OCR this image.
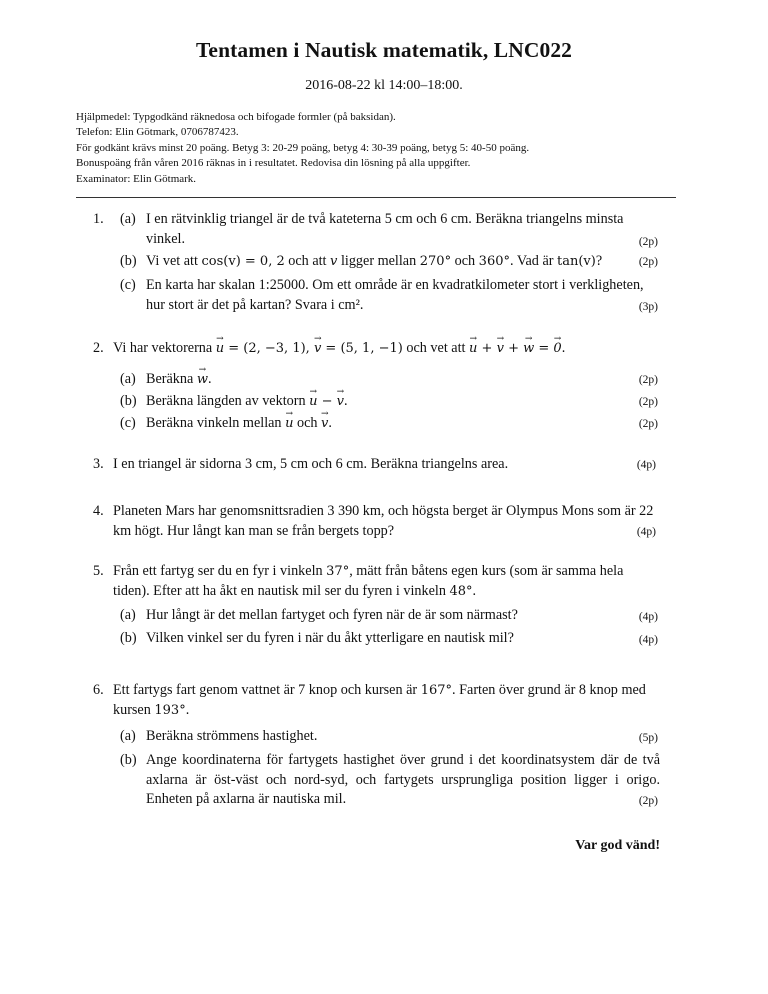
Tentamen i Nautisk matematik, LNC022
2016-08-22 kl 14:00–18:00.
Hjälpmedel: Typgodkänd räknedosa och bifogade formler (på baksidan).
Telefon: Elin Götmark, 0706787423.
För godkänt krävs minst 20 poäng. Betyg 3: 20-29 poäng, betyg 4: 30-39 poäng, betyg 5: 40-50 poäng.
Bonuspoäng från våren 2016 räknas in i resultatet. Redovisa din lösning på alla uppgifter.
Examinator: Elin Götmark.
1. (a) I en rätvinklig triangel är de två kateterna 5 cm och 6 cm. Beräkna triangelns minsta vinkel.	(2p)
(b) Vi vet att cos(v) = 0, 2 och att v ligger mellan 270° och 360°. Vad är tan(v)?	(2p)
(c) En karta har skalan 1:25000. Om ett område är en kvadratkilometer stort i verkligheten, hur stort är det på kartan? Svara i cm².	(3p)
2. Vi har vektorerna u → = (2, −3, 1), v → = (5, 1, −1) och vet att u → + v → + w → = 0 →.
(a) Beräkna w →.	(2p)
(b) Beräkna längden av vektorn u → − v →.	(2p)
(c) Beräkna vinkeln mellan u → och v →.	(2p)
3. I en triangel är sidorna 3 cm, 5 cm och 6 cm. Beräkna triangelns area.	(4p)
4. Planeten Mars har genomsnittsradien 3 390 km, och högsta berget är Olympus Mons som är 22 km högt. Hur långt kan man se från bergets topp?	(4p)
5. Från ett fartyg ser du en fyr i vinkeln 37°, mätt från båtens egen kurs (som är samma hela tiden). Efter att ha åkt en nautisk mil ser du fyren i vinkeln 48°.
(a) Hur långt är det mellan fartyget och fyren när de är som närmast?	(4p)
(b) Vilken vinkel ser du fyren i när du åkt ytterligare en nautisk mil?	(4p)
6. Ett fartygs fart genom vattnet är 7 knop och kursen är 167°. Farten över grund är 8 knop med kursen 193°.
(a) Beräkna strömmens hastighet.	(5p)
(b) Ange koordinaterna för fartygets hastighet över grund i det koordinatsystem där de två axlarna är öst-väst och nord-syd, och fartygets ursprungliga position ligger i origo. Enheten på axlarna är nautiska mil.	(2p)
Var god vänd!
